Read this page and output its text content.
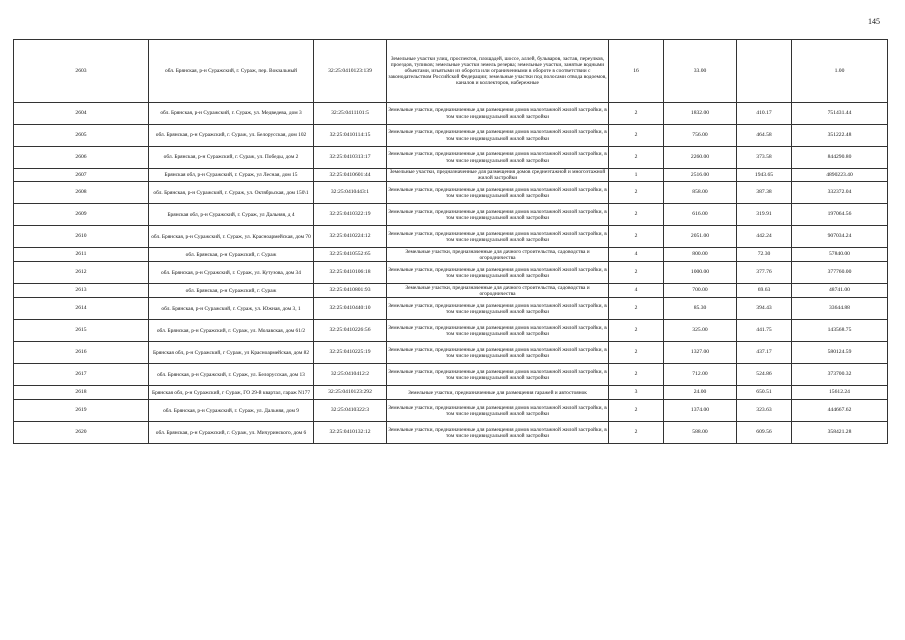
145
2603	обл. Брянская, р-н Суражский, г. Сураж, пер. Вокзальный	32:25:0410123:139	Земельные участки улиц, проспектов, площадей, шоссе, аллей, бульваров, застав, переулков, проездов, тупиков; земельные участки земель резерва; земельные участки, занятые водными объектами, изъятыми из оборота или ограниченными в обороте в соответствии с законодательством Российской Федерации; земельные участки под полосами отвода водоемов, каналов и коллекторов, набережные	16	33.00		1.00
2604	обл. Брянская, р-н Суражский, г. Сураж, ул. Медведева, дом 3	32:25:0411101:5	Земельные участки, предназначенные для размещения домов малоэтажной жилой застройки, в том числе индивидуальной жилой застройки	2	1832.00	410.17	751431.44
2605	обл. Брянская, р-н Суражский, г. Сураж, ул. Белорусская, дом 102	32:25:0410114:15	Земельные участки, предназначенные для размещения домов малоэтажной жилой застройки, в том числе индивидуальной жилой застройки	2	756.00	464.58	351222.48
2606	обл. Брянская, р-н Суражский, г. Сураж, ул. Победы, дом 2	32:25:0410313:17	Земельные участки, предназначенные для размещения домов малоэтажной жилой застройки, в том числе индивидуальной жилой застройки	2	2260.00	373.58	844290.80
2607	Брянская обл, р-н Суражский, г. Сураж, ул Лесная, дом 15	32:25:0410601:44	Земельные участки, предназначенные для размещения домов среднеэтажной и многоэтажной жилой застройки	1	2516.00	1943.65	4890223.40
2608	обл. Брянская, р-н Суражский, г. Сураж, ул. Октябрьская, дом 150\1	32:25:0410443:1	Земельные участки, предназначенные для размещения домов малоэтажной жилой застройки, в том числе индивидуальной жилой застройки	2	858.00	387.38	332372.04
2609	Брянская обл, р-н Суражский, г. Сураж, ул Дальняя, д 4	32:25:0410322:19	Земельные участки, предназначенные для размещения домов малоэтажной жилой застройки, в том числе индивидуальной жилой застройки	2	616.00	319.91	197064.56
2610	обл. Брянская, р-н Суражский, г. Сураж, ул. Красноармейская, дом 70	32:25:0410224:12	Земельные участки, предназначенные для размещения домов малоэтажной жилой застройки, в том числе индивидуальной жилой застройки	2	2051.00	442.24	907034.24
2611	обл. Брянская, р-н Суражский, г. Сураж	32:25:0410552:65	Земельные участки, предназначенные для дачного строительства, садоводства и огородничества	4	800.00	72.30	57840.00
2612	обл. Брянская, р-н Суражский, г. Сураж, ул. Кутузова, дом 34	32:25:0410106:18	Земельные участки, предназначенные для размещения домов малоэтажной жилой застройки, в том числе индивидуальной жилой застройки	2	1000.00	377.76	377760.00
2613	обл. Брянская, р-н Суражский, г. Сураж	32:25:0410801:93	Земельные участки, предназначенные для дачного строительства, садоводства и огородничества	4	700.00	69.63	48741.00
2614	обл. Брянская, р-н Суражский, г. Сураж, ул. Южная, дом 3, 1	32:25:0410440:10	Земельные участки, предназначенные для размещения домов малоэтажной жилой застройки, в том числе индивидуальной жилой застройки	2	85.30	394.43	33644.88
2615	обл. Брянская, р-н Суражский, г. Сураж, ул. Молавская, дом 61/2	32:25:0410226:56	Земельные участки, предназначенные для размещения домов малоэтажной жилой застройки, в том числе индивидуальной жилой застройки	2	325.00	441.75	143568.75
2616	Брянская обл, р-н Суражский, г Сураж, ул Красноармейская, дом 82	32:25:0410225:19	Земельные участки, предназначенные для размещения домов малоэтажной жилой застройки, в том числе индивидуальной жилой застройки	2	1327.00	437.17	580124.59
2617	обл. Брянская, р-н Суражский, г. Сураж, ул. Белорусская, дом 13	32:25:0410412:2	Земельные участки, предназначенные для размещения домов малоэтажной жилой застройки, в том числе индивидуальной жилой застройки	2	712.00	524.86	373700.32
2618	Брянская обл, р-н Суражский, г Сураж, ГО 29-й квартал, гараж N177	32:25:0410123:292	Земельные участки, предназначенные для размещения гаражей и автостоянок	3	24.00	650.51	15612.24
2619	обл. Брянская, р-н Суражский, г. Сураж, ул. Дальняя, дом 9	32:25:0410322:3	Земельные участки, предназначенные для размещения домов малоэтажной жилой застройки, в том числе индивидуальной жилой застройки	2	1374.00	323.63	444667.62
2620	обл. Брянская, р-н Суражский, г. Сураж, ул. Мичуринского, дом 6	32:25:0410132:12	Земельные участки, предназначенные для размещения домов малоэтажной жилой застройки, в том числе индивидуальной жилой застройки	2	588.00	609.56	358421.28
